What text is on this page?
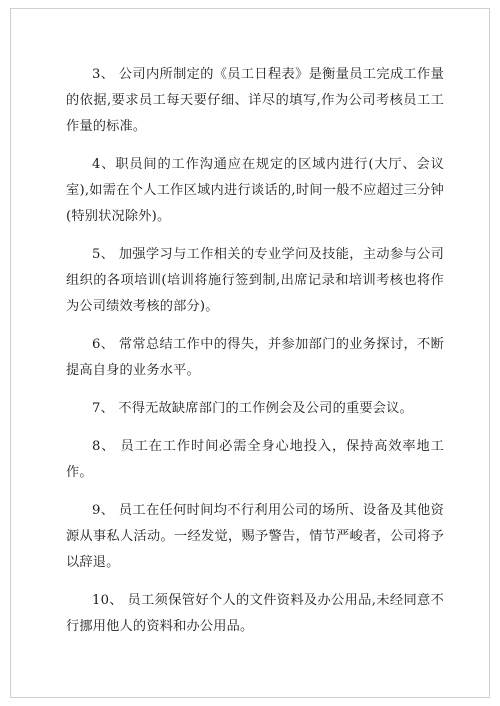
3、 公司内所制定的《员工日程表》是衡量员工完成工作量的依据,要求员工每天要仔细、详尽的填写,作为公司考核员工工作量的标准。

4、职员间的工作沟通应在规定的区域内进行(大厅、会议室),如需在个人工作区域内进行谈话的,时间一般不应超过三分钟(特别状况除外)。

5、 加强学习与工作相关的专业学问及技能，主动参与公司组织的各项培训(培训将施行签到制,出席记录和培训考核也将作为公司绩效考核的部分)。

6、 常常总结工作中的得失，并参加部门的业务探讨，不断提高自身的业务水平。

7、 不得无故缺席部门的工作例会及公司的重要会议。

8、 员工在工作时间必需全身心地投入，保持高效率地工作。

9、 员工在任何时间均不行利用公司的场所、设备及其他资源从事私人活动。一经发觉，赐予警告，情节严峻者，公司将予以辞退。

10、 员工须保管好个人的文件资料及办公用品,未经同意不行挪用他人的资料和办公用品。
